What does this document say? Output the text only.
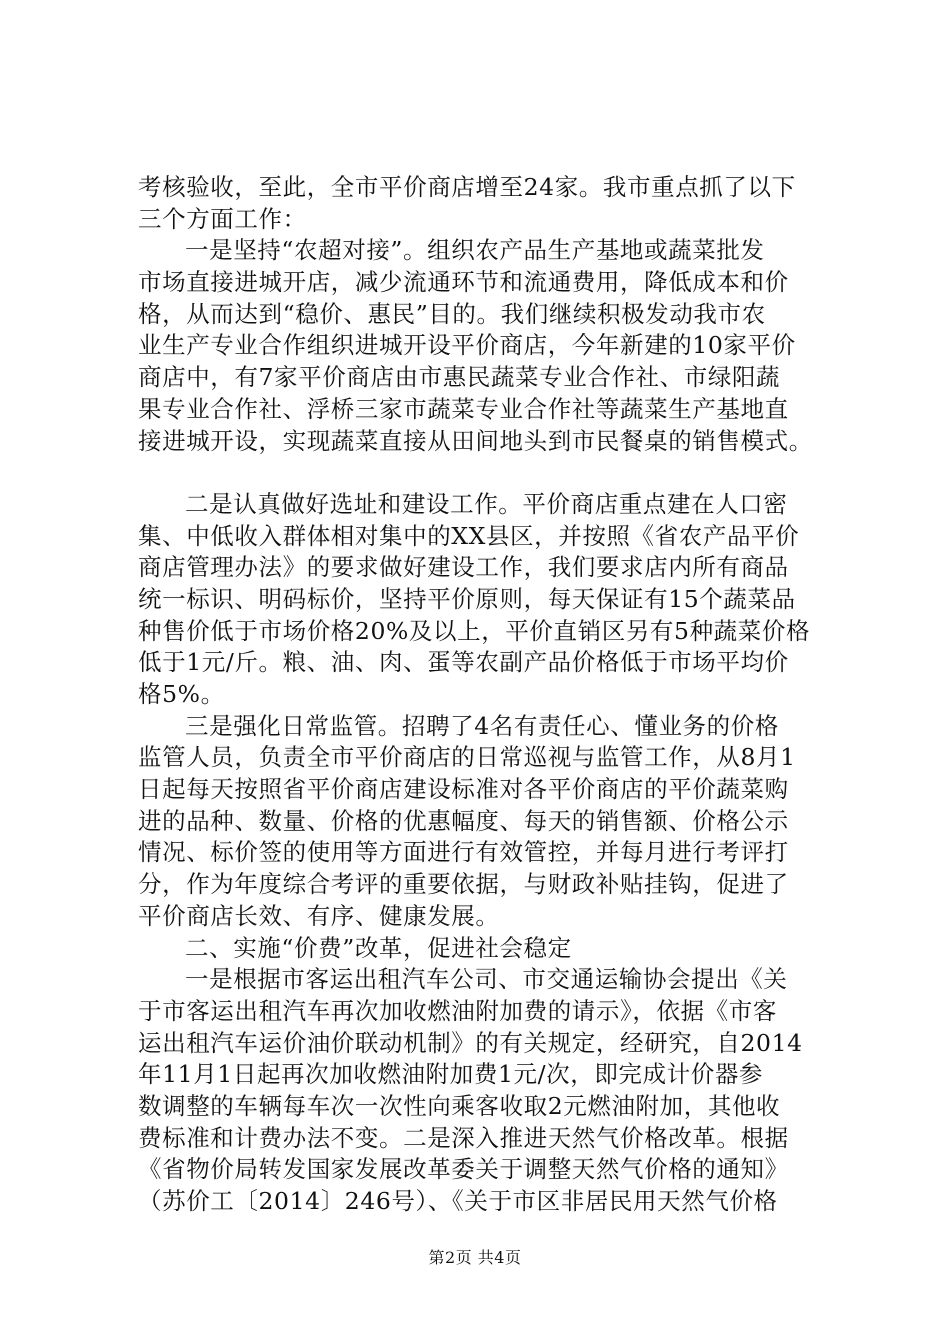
考核验收，至此，全市平价商店增至24家。我市重点抓了以下
三个方面工作：
一是坚持“农超对接”。组织农产品生产基地或蔬菜批发
市场直接进城开店，减少流通环节和流通费用，降低成本和价
格，从而达到“稳价、惠民”目的。我们继续积极发动我市农
业生产专业合作组织进城开设平价商店，今年新建的10家平价
商店中，有7家平价商店由市惠民蔬菜专业合作社、市绿阳蔬
果专业合作社、浮桥三家市蔬菜专业合作社等蔬菜生产基地直
接进城开设，实现蔬菜直接从田间地头到市民餐桌的销售模式。
二是认真做好选址和建设工作。平价商店重点建在人口密
集、中低收入群体相对集中的XX县区，并按照《省农产品平价
商店管理办法》的要求做好建设工作，我们要求店内所有商品
统一标识、明码标价，坚持平价原则，每天保证有15个蔬菜品
种售价低于市场价格20%及以上，平价直销区另有5种蔬菜价格
低于1元/斤。粮、油、肉、蛋等农副产品价格低于市场平均价
格5%。
三是强化日常监管。招聘了4名有责任心、懂业务的价格
监管人员，负责全市平价商店的日常巡视与监管工作，从8月1
日起每天按照省平价商店建设标准对各平价商店的平价蔬菜购
进的品种、数量、价格的优惠幅度、每天的销售额、价格公示
情况、标价签的使用等方面进行有效管控，并每月进行考评打
分，作为年度综合考评的重要依据，与财政补贴挂钩，促进了
平价商店长效、有序、健康发展。
二、实施“价费”改革，促进社会稳定
一是根据市客运出租汽车公司、市交通运输协会提出《关
于市客运出租汽车再次加收燃油附加费的请示》，依据《市客
运出租汽车运价油价联动机制》的有关规定，经研究，自2014
年11月1日起再次加收燃油附加费1元/次，即完成计价器参
数调整的车辆每车次一次性向乘客收取2元燃油附加，其他收
费标准和计费办法不变。二是深入推进天然气价格改革。根据
《省物价局转发国家发展改革委关于调整天然气价格的通知》
（苏价工〔2014〕246号）、《关于市区非居民用天然气价格
第2页 共4页
